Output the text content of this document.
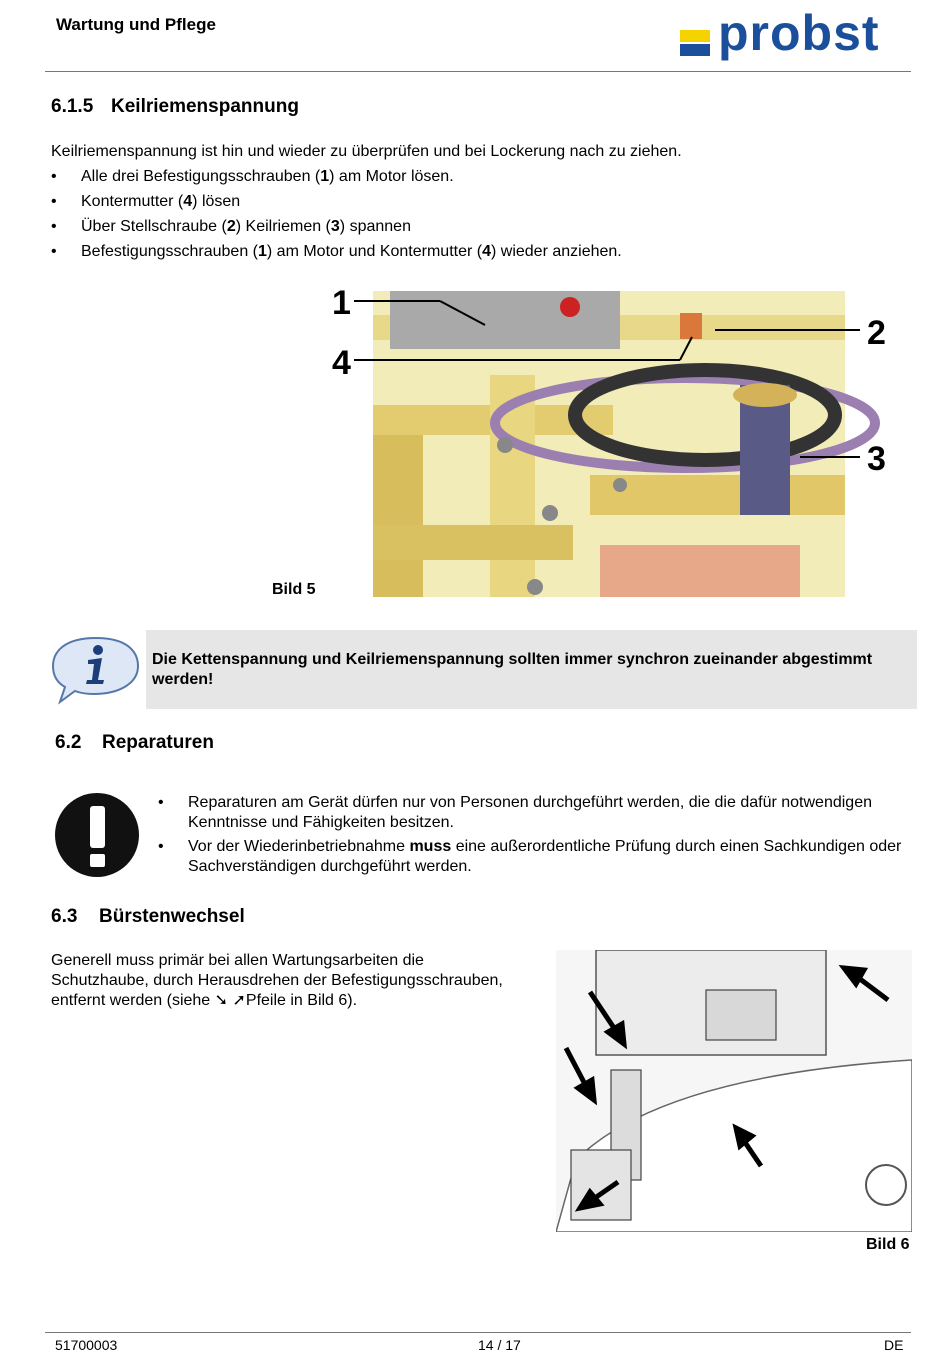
Wartung und Pflege	probst
6.1.5 Keilriemenspannung
Keilriemenspannung ist hin und wieder zu überprüfen und bei Lockerung nach zu ziehen.
• Alle drei Befestigungsschrauben (1) am Motor lösen.
• Kontermutter (4) lösen
• Über Stellschraube (2) Keilriemen (3) spannen
• Befestigungsschrauben (1) am Motor und Kontermutter (4) wieder anziehen.
1
4
2
3
Bild 5
Die Kettenspannung und Keilriemenspannung sollten immer synchron zueinander abgestimmt werden!
6.2 Reparaturen
• Reparaturen am Gerät dürfen nur von Personen durchgeführt werden, die die dafür notwendigen Kenntnisse und Fähigkeiten besitzen.
• Vor der Wiederinbetriebnahme muss eine außerordentliche Prüfung durch einen Sachkundigen oder Sachverständigen durchgeführt werden.
6.3 Bürstenwechsel
Generell muss primär bei allen Wartungsarbeiten die Schutzhaube, durch Herausdrehen der Befestigungsschrauben, entfernt werden (siehe ➘ ➚Pfeile in Bild 6).
Bild 6
51700003	14 / 17	DE
